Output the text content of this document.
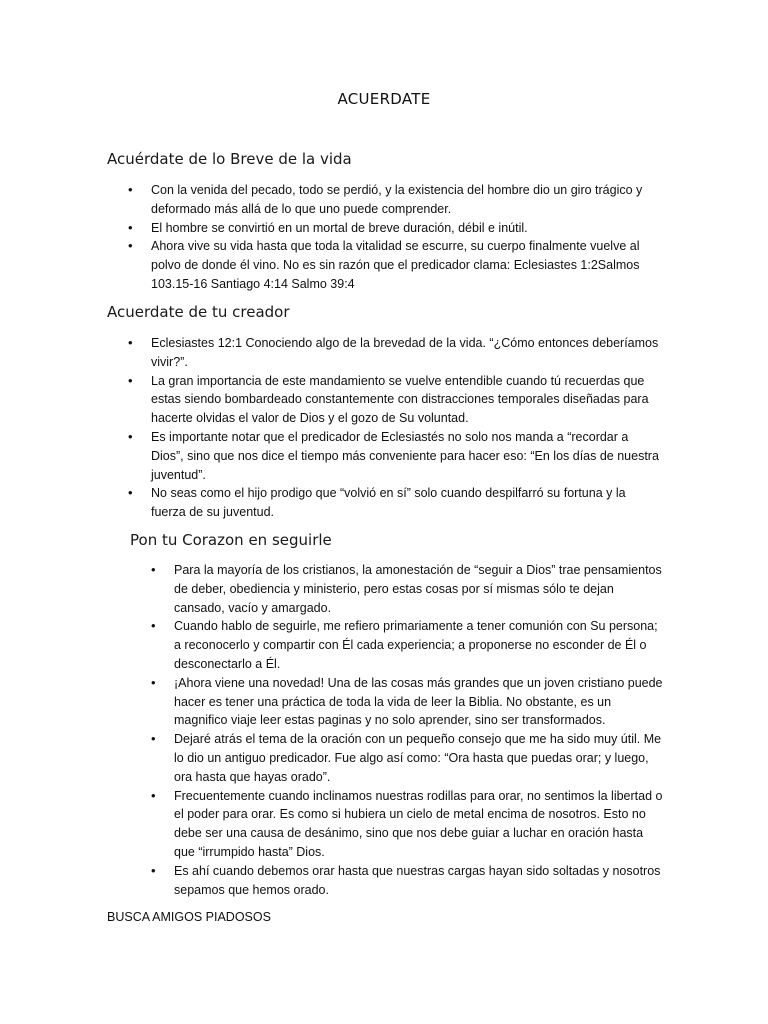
ACUERDATE
Acuérdate de lo Breve de la vida
• Con la venida del pecado, todo se perdió, y la existencia del hombre dio un giro trágico y deformado más allá de lo que uno puede comprender.
• El hombre se convirtió en un mortal de breve duración, débil e inútil.
• Ahora vive su vida hasta que toda la vitalidad se escurre, su cuerpo finalmente vuelve al polvo de donde él vino. No es sin razón que el predicador clama: Eclesiastes 1:2Salmos 103.15-16 Santiago 4:14 Salmo 39:4
Acuerdate de tu creador
• Eclesiastes 12:1 Conociendo algo de la brevedad de la vida. “¿Cómo entonces deberíamos vivir?”.
• La gran importancia de este mandamiento se vuelve entendible cuando tú recuerdas que estas siendo bombardeado constantemente con distracciones temporales diseñadas para hacerte olvidas el valor de Dios y el gozo de Su voluntad.
• Es importante notar que el predicador de Eclesiastés no solo nos manda a “recordar a Dios”, sino que nos dice el tiempo más conveniente para hacer eso: “En los días de nuestra juventud”.
• No seas como el hijo prodigo que “volvió en sí” solo cuando despilfarró su fortuna y la fuerza de su juventud.
Pon tu Corazon en seguirle
• Para la mayoría de los cristianos, la amonestación de “seguir a Dios” trae pensamientos de deber, obediencia y ministerio, pero estas cosas por sí mismas sólo te dejan cansado, vacío y amargado.
• Cuando hablo de seguirle, me refiero primariamente a tener comunión con Su persona; a reconocerlo y compartir con Él cada experiencia; a proponerse no esconder de Él o desconectarlo a Él.
• ¡Ahora viene una novedad! Una de las cosas más grandes que un joven cristiano puede hacer es tener una práctica de toda la vida de leer la Biblia. No obstante, es un magnifico viaje leer estas paginas y no solo aprender, sino ser transformados.
• Dejaré atrás el tema de la oración con un pequeño consejo que me ha sido muy útil. Me lo dio un antiguo predicador. Fue algo así como: “Ora hasta que puedas orar; y luego, ora hasta que hayas orado”.
• Frecuentemente cuando inclinamos nuestras rodillas para orar, no sentimos la libertad o el poder para orar. Es como si hubiera un cielo de metal encima de nosotros. Esto no debe ser una causa de desánimo, sino que nos debe guiar a luchar en oración hasta que “irrumpido hasta” Dios.
• Es ahí cuando debemos orar hasta que nuestras cargas hayan sido soltadas y nosotros sepamos que hemos orado.
BUSCA AMIGOS PIADOSOS
